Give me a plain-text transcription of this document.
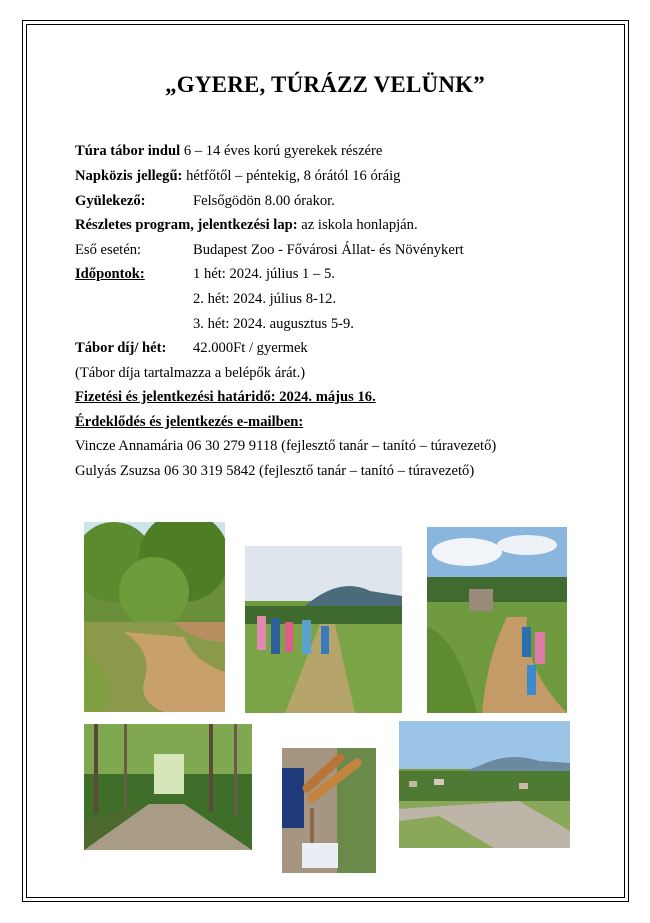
„GYERE, TÚRÁZZ VELÜNK”
Túra tábor indul 6 – 14 éves korú gyerekek részére
Napközis jellegű: hétfőtől – péntekig, 8 órától 16 óráig
Gyülekező:	Felsőgödön 8.00 órakor.
Részletes program, jelentkezési lap: az iskola honlapján.
Eső esetén:	Budapest Zoo - Fővárosi Állat- és Növénykert
Időpontok:	1 hét: 2024. július 1 – 5.
2. hét: 2024. július 8-12.
3. hét: 2024. augusztus 5-9.
Tábor díj/ hét: 42.000Ft / gyermek
(Tábor díja tartalmazza a belépők árát.)
Fizetési és jelentkezési határidő: 2024. május 16.
Érdeklődés és jelentkezés e-mailben:
Vincze Annamária 06 30 279 9118 (fejlesztő tanár – tanító – túravezető)
Gulyás Zsuzsa 06 30 319 5842 (fejlesztő tanár – tanító – túravezető)
